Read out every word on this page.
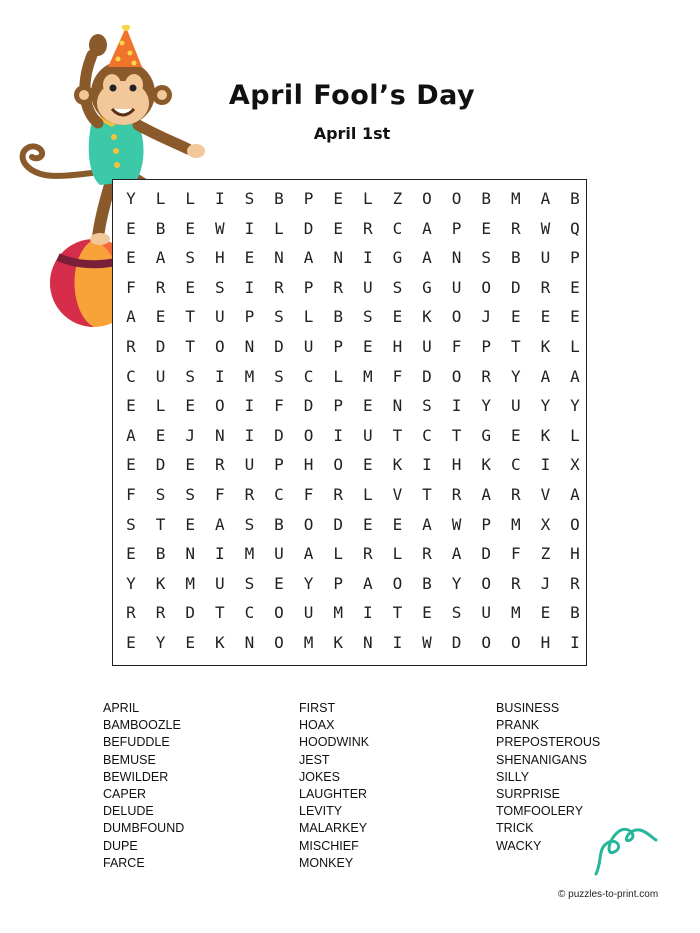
April Fool’s Day
April 1st
Y	L	L	I	S	B	P	E	L	Z	O	O	B	M	A	B
E	B	E	W	I	L	D	E	R	C	A	P	E	R	W	Q
E	A	S	H	E	N	A	N	I	G	A	N	S	B	U	P
F	R	E	S	I	R	P	R	U	S	G	U	O	D	R	E
A	E	T	U	P	S	L	B	S	E	K	O	J	E	E	E
R	D	T	O	N	D	U	P	E	H	U	F	P	T	K	L
C	U	S	I	M	S	C	L	M	F	D	O	R	Y	A	A
E	L	E	O	I	F	D	P	E	N	S	I	Y	U	Y	Y
A	E	J	N	I	D	O	I	U	T	C	T	G	E	K	L
E	D	E	R	U	P	H	O	E	K	I	H	K	C	I	X
F	S	S	F	R	C	F	R	L	V	T	R	A	R	V	A
S	T	E	A	S	B	O	D	E	E	A	W	P	M	X	O
E	B	N	I	M	U	A	L	R	L	R	A	D	F	Z	H
Y	K	M	U	S	E	Y	P	A	O	B	Y	O	R	J	R
R	R	D	T	C	O	U	M	I	T	E	S	U	M	E	B
E	Y	E	K	N	O	M	K	N	I	W	D	O	O	H	I
APRIL
BAMBOOZLE
BEFUDDLE
BEMUSE
BEWILDER
CAPER
DELUDE
DUMBFOUND
DUPE
FARCE
FIRST
HOAX
HOODWINK
JEST
JOKES
LAUGHTER
LEVITY
MALARKEY
MISCHIEF
MONKEY
BUSINESS
PRANK
PREPOSTEROUS
SHENANIGANS
SILLY
SURPRISE
TOMFOOLERY
TRICK
WACKY
© puzzles-to-print.com
